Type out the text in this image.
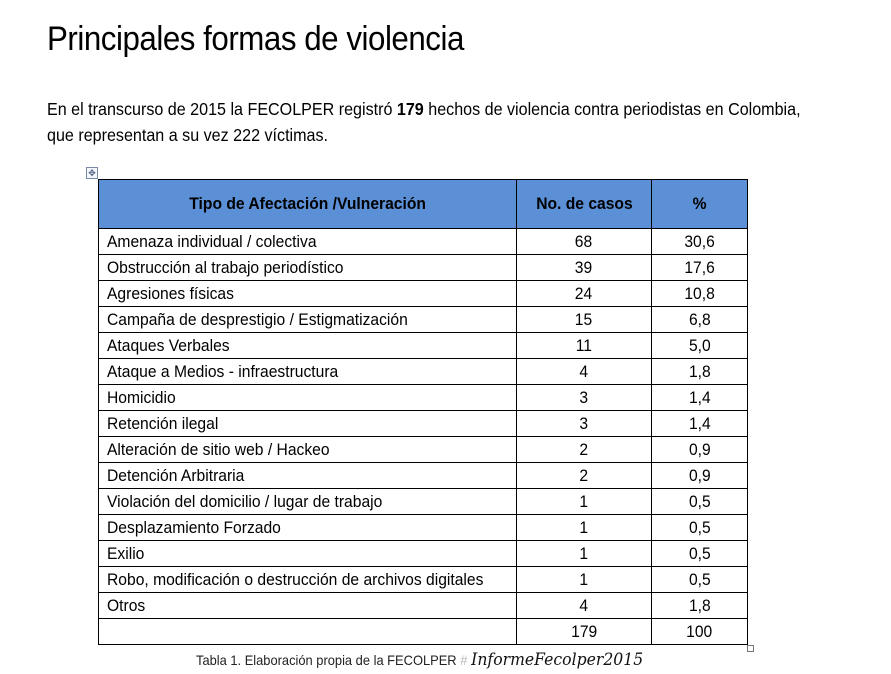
Principales formas de violencia
En el transcurso de 2015 la FECOLPER registró 179 hechos de violencia contra periodistas en Colombia,
que representan a su vez 222 víctimas.
✥
Tipo de Afectación /Vulneración	No. de casos	%
Amenaza individual / colectiva	68	30,6
Obstrucción al trabajo periodístico	39	17,6
Agresiones físicas	24	10,8
Campaña de desprestigio / Estigmatización	15	6,8
Ataques Verbales	11	5,0
Ataque a Medios - infraestructura	4	1,8
Homicidio	3	1,4
Retención ilegal	3	1,4
Alteración de sitio web / Hackeo	2	0,9
Detención Arbitraria	2	0,9
Violación del domicilio / lugar de trabajo	1	0,5
Desplazamiento Forzado	1	0,5
Exilio	1	0,5
Robo, modificación o destrucción de archivos digitales	1	0,5
Otros	4	1,8
	179	100
Tabla 1. Elaboración propia de la FECOLPER # InformeFecolper2015
